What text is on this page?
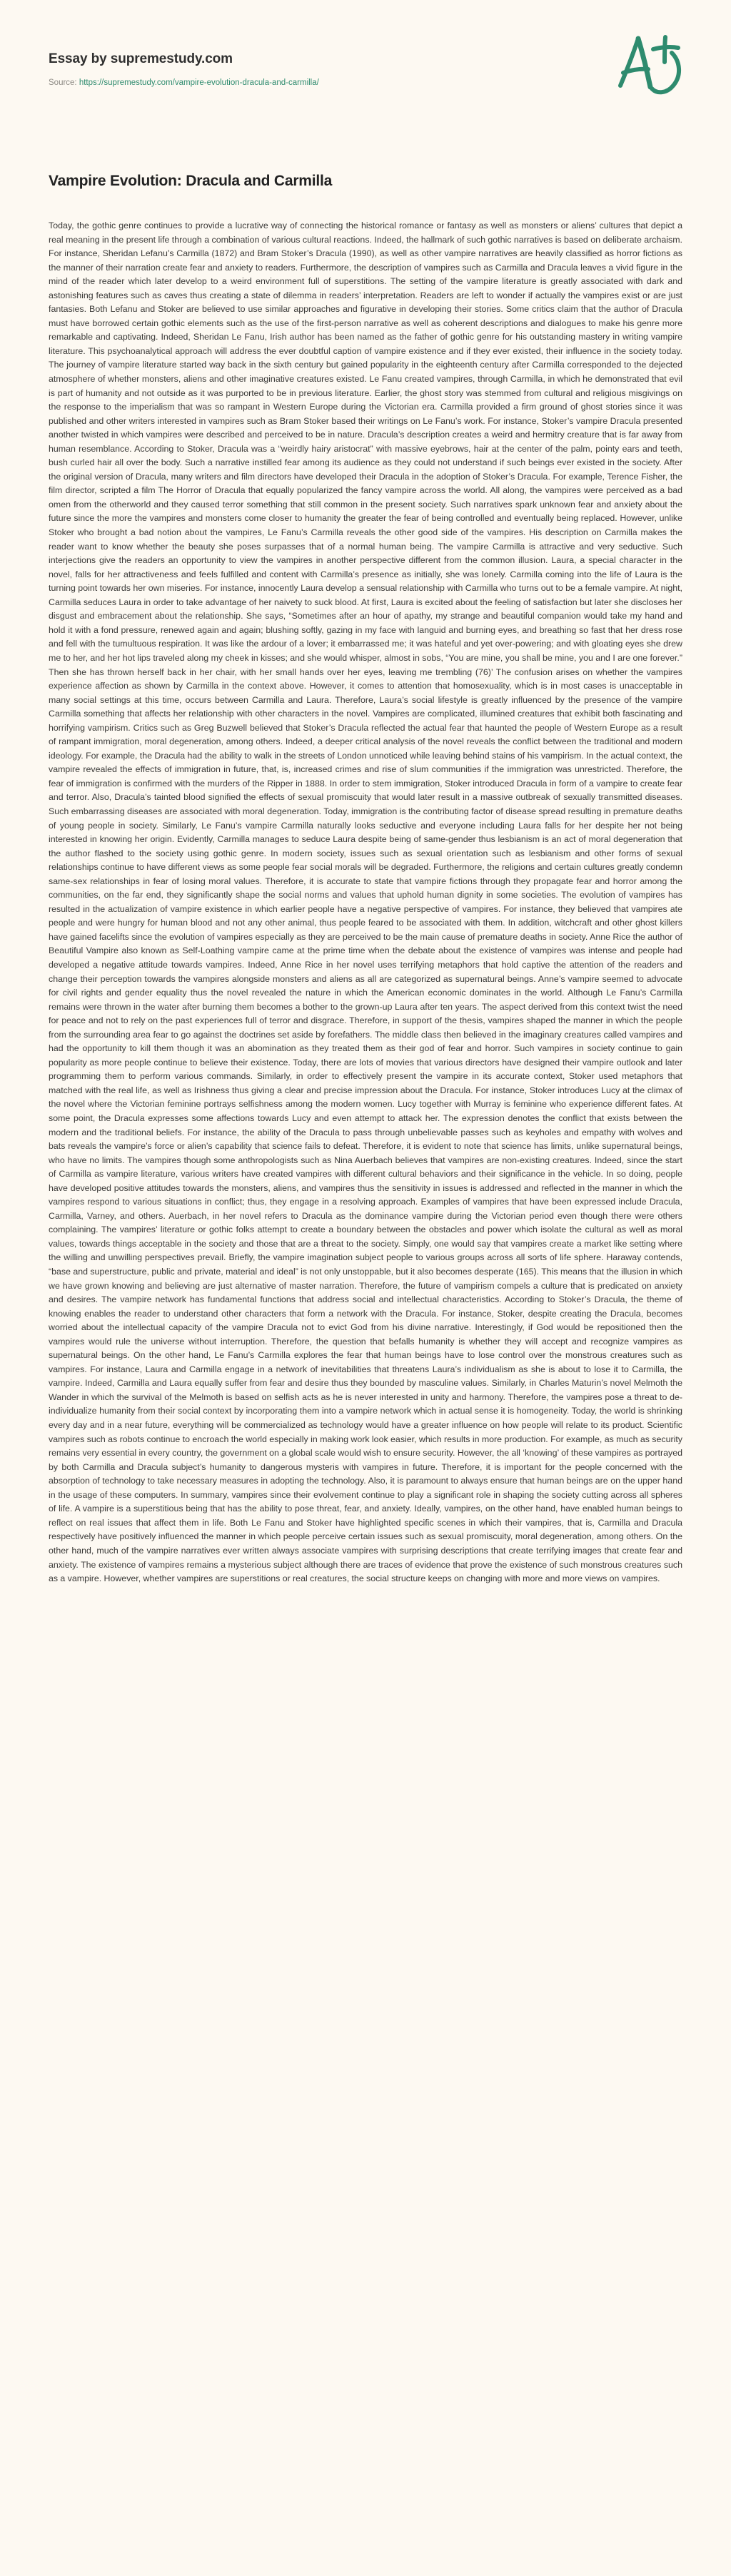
Essay by supremestudy.com
Source: https://supremestudy.com/vampire-evolution-dracula-and-carmilla/
Vampire Evolution: Dracula and Carmilla

Today, the gothic genre continues to provide a lucrative way of connecting the historical romance or fantasy as well as monsters or aliens’ cultures that depict a real meaning in the present life through a combination of various cultural reactions. Indeed, the hallmark of such gothic narratives is based on deliberate archaism. For instance, Sheridan Lefanu’s Carmilla (1872) and Bram Stoker’s Dracula (1990), as well as other vampire narratives are heavily classified as horror fictions as the manner of their narration create fear and anxiety to readers. Furthermore, the description of vampires such as Carmilla and Dracula leaves a vivid figure in the mind of the reader which later develop to a weird environment full of superstitions. The setting of the vampire literature is greatly associated with dark and astonishing features such as caves thus creating a state of dilemma in readers’ interpretation. Readers are left to wonder if actually the vampires exist or are just fantasies. Both Lefanu and Stoker are believed to use similar approaches and figurative in developing their stories. Some critics claim that the author of Dracula must have borrowed certain gothic elements such as the use of the first-person narrative as well as coherent descriptions and dialogues to make his genre more remarkable and captivating. Indeed, Sheridan Le Fanu, Irish author has been named as the father of gothic genre for his outstanding mastery in writing vampire literature. This psychoanalytical approach will address the ever doubtful caption of vampire existence and if they ever existed, their influence in the society today. The journey of vampire literature started way back in the sixth century but gained popularity in the eighteenth century after Carmilla corresponded to the dejected atmosphere of whether monsters, aliens and other imaginative creatures existed. Le Fanu created vampires, through Carmilla, in which he demonstrated that evil is part of humanity and not outside as it was purported to be in previous literature. Earlier, the ghost story was stemmed from cultural and religious misgivings on the response to the imperialism that was so rampant in Western Europe during the Victorian era. Carmilla provided a firm ground of ghost stories since it was published and other writers interested in vampires such as Bram Stoker based their writings on Le Fanu’s work. For instance, Stoker’s vampire Dracula presented another twisted in which vampires were described and perceived to be in nature. Dracula’s description creates a weird and hermitry creature that is far away from human resemblance. According to Stoker, Dracula was a “weirdly hairy aristocrat” with massive eyebrows, hair at the center of the palm, pointy ears and teeth, bush curled hair all over the body. Such a narrative instilled fear among its audience as they could not understand if such beings ever existed in the society. After the original version of Dracula, many writers and film directors have developed their Dracula in the adoption of Stoker’s Dracula. For example, Terence Fisher, the film director, scripted a film The Horror of Dracula that equally popularized the fancy vampire across the world. All along, the vampires were perceived as a bad omen from the otherworld and they caused terror something that still common in the present society. Such narratives spark unknown fear and anxiety about the future since the more the vampires and monsters come closer to humanity the greater the fear of being controlled and eventually being replaced. However, unlike Stoker who brought a bad notion about the vampires, Le Fanu’s Carmilla reveals the other good side of the vampires. His description on Carmilla makes the reader want to know whether the beauty she poses surpasses that of a normal human being. The vampire Carmilla is attractive and very seductive. Such interjections give the readers an opportunity to view the vampires in another perspective different from the common illusion. Laura, a special character in the novel, falls for her attractiveness and feels fulfilled and content with Carmilla’s presence as initially, she was lonely. Carmilla coming into the life of Laura is the turning point towards her own miseries. For instance, innocently Laura develop a sensual relationship with Carmilla who turns out to be a female vampire. At night, Carmilla seduces Laura in order to take advantage of her naivety to suck blood. At first, Laura is excited about the feeling of satisfaction but later she discloses her disgust and embracement about the relationship. She says, “Sometimes after an hour of apathy, my strange and beautiful companion would take my hand and hold it with a fond pressure, renewed again and again; blushing softly, gazing in my face with languid and burning eyes, and breathing so fast that her dress rose and fell with the tumultuous respiration. It was like the ardour of a lover; it embarrassed me; it was hateful and yet over-powering; and with gloating eyes she drew me to her, and her hot lips traveled along my cheek in kisses; and she would whisper, almost in sobs, “You are mine, you shall be mine, you and I are one forever.” Then she has thrown herself back in her chair, with her small hands over her eyes, leaving me trembling (76)’ The confusion arises on whether the vampires experience affection as shown by Carmilla in the context above. However, it comes to attention that homosexuality, which is in most cases is unacceptable in many social settings at this time, occurs between Carmilla and Laura. Therefore, Laura’s social lifestyle is greatly influenced by the presence of the vampire Carmilla something that affects her relationship with other characters in the novel. Vampires are complicated, illumined creatures that exhibit both fascinating and horrifying vampirism. Critics such as Greg Buzwell believed that Stoker’s Dracula reflected the actual fear that haunted the people of Western Europe as a result of rampant immigration, moral degeneration, among others. Indeed, a deeper critical analysis of the novel reveals the conflict between the traditional and modern ideology. For example, the Dracula had the ability to walk in the streets of London unnoticed while leaving behind stains of his vampirism. In the actual context, the vampire revealed the effects of immigration in future, that, is, increased crimes and rise of slum communities if the immigration was unrestricted. Therefore, the fear of immigration is confirmed with the murders of the Ripper in 1888. In order to stem immigration, Stoker introduced Dracula in form of a vampire to create fear and terror. Also, Dracula’s tainted blood signified the effects of sexual promiscuity that would later result in a massive outbreak of sexually transmitted diseases. Such embarrassing diseases are associated with moral degeneration. Today, immigration is the contributing factor of disease spread resulting in premature deaths of young people in society. Similarly, Le Fanu’s vampire Carmilla naturally looks seductive and everyone including Laura falls for her despite her not being interested in knowing her origin. Evidently, Carmilla manages to seduce Laura despite being of same-gender thus lesbianism is an act of moral degeneration that the author flashed to the society using gothic genre. In modern society, issues such as sexual orientation such as lesbianism and other forms of sexual relationships continue to have different views as some people fear social morals will be degraded. Furthermore, the religions and certain cultures greatly condemn same-sex relationships in fear of losing moral values. Therefore, it is accurate to state that vampire fictions through they propagate fear and horror among the communities, on the far end, they significantly shape the social norms and values that uphold human dignity in some societies. The evolution of vampires has resulted in the actualization of vampire existence in which earlier people have a negative perspective of vampires. For instance, they believed that vampires ate people and were hungry for human blood and not any other animal, thus people feared to be associated with them. In addition, witchcraft and other ghost killers have gained facelifts since the evolution of vampires especially as they are perceived to be the main cause of premature deaths in society. Anne Rice the author of Beautiful Vampire also known as Self-Loathing vampire came at the prime time when the debate about the existence of vampires was intense and people had developed a negative attitude towards vampires. Indeed, Anne Rice in her novel uses terrifying metaphors that hold captive the attention of the readers and change their perception towards the vampires alongside monsters and aliens as all are categorized as supernatural beings. Anne’s vampire seemed to advocate for civil rights and gender equality thus the novel revealed the nature in which the American economic dominates in the world. Although Le Fanu’s Carmilla remains were thrown in the water after burning them becomes a bother to the grown-up Laura after ten years. The aspect derived from this context twist the need for peace and not to rely on the past experiences full of terror and disgrace. Therefore, in support of the thesis, vampires shaped the manner in which the people from the surrounding area fear to go against the doctrines set aside by forefathers. The middle class then believed in the imaginary creatures called vampires and had the opportunity to kill them though it was an abomination as they treated them as their god of fear and horror. Such vampires in society continue to gain popularity as more people continue to believe their existence. Today, there are lots of movies that various directors have designed their vampire outlook and later programming them to perform various commands. Similarly, in order to effectively present the vampire in its accurate context, Stoker used metaphors that matched with the real life, as well as Irishness thus giving a clear and precise impression about the Dracula. For instance, Stoker introduces Lucy at the climax of the novel where the Victorian feminine portrays selfishness among the modern women. Lucy together with Murray is feminine who experience different fates. At some point, the Dracula expresses some affections towards Lucy and even attempt to attack her. The expression denotes the conflict that exists between the modern and the traditional beliefs. For instance, the ability of the Dracula to pass through unbelievable passes such as keyholes and empathy with wolves and bats reveals the vampire’s force or alien’s capability that science fails to defeat. Therefore, it is evident to note that science has limits, unlike supernatural beings, who have no limits. The vampires though some anthropologists such as Nina Auerbach believes that vampires are non-existing creatures. Indeed, since the start of Carmilla as vampire literature, various writers have created vampires with different cultural behaviors and their significance in the vehicle. In so doing, people have developed positive attitudes towards the monsters, aliens, and vampires thus the sensitivity in issues is addressed and reflected in the manner in which the vampires respond to various situations in conflict; thus, they engage in a resolving approach. Examples of vampires that have been expressed include Dracula, Carmilla, Varney, and others. Auerbach, in her novel refers to Dracula as the dominance vampire during the Victorian period even though there were others complaining. The vampires’ literature or gothic folks attempt to create a boundary between the obstacles and power which isolate the cultural as well as moral values, towards things acceptable in the society and those that are a threat to the society. Simply, one would say that vampires create a market like setting where the willing and unwilling perspectives prevail. Briefly, the vampire imagination subject people to various groups across all sorts of life sphere. Haraway contends, “base and superstructure, public and private, material and ideal” is not only unstoppable, but it also becomes desperate (165). This means that the illusion in which we have grown knowing and believing are just alternative of master narration. Therefore, the future of vampirism compels a culture that is predicated on anxiety and desires. The vampire network has fundamental functions that address social and intellectual characteristics. According to Stoker’s Dracula, the theme of knowing enables the reader to understand other characters that form a network with the Dracula. For instance, Stoker, despite creating the Dracula, becomes worried about the intellectual capacity of the vampire Dracula not to evict God from his divine narrative. Interestingly, if God would be repositioned then the vampires would rule the universe without interruption. Therefore, the question that befalls humanity is whether they will accept and recognize vampires as supernatural beings. On the other hand, Le Fanu’s Carmilla explores the fear that human beings have to lose control over the monstrous creatures such as vampires. For instance, Laura and Carmilla engage in a network of inevitabilities that threatens Laura’s individualism as she is about to lose it to Carmilla, the vampire. Indeed, Carmilla and Laura equally suffer from fear and desire thus they bounded by masculine values. Similarly, in Charles Maturin’s novel Melmoth the Wander in which the survival of the Melmoth is based on selfish acts as he is never interested in unity and harmony. Therefore, the vampires pose a threat to de-individualize humanity from their social context by incorporating them into a vampire network which in actual sense it is homogeneity. Today, the world is shrinking every day and in a near future, everything will be commercialized as technology would have a greater influence on how people will relate to its product. Scientific vampires such as robots continue to encroach the world especially in making work look easier, which results in more production. For example, as much as security remains very essential in every country, the government on a global scale would wish to ensure security. However, the all ‘knowing’ of these vampires as portrayed by both Carmilla and Dracula subject’s humanity to dangerous mysteris with vampires in future. Therefore, it is important for the people concerned with the absorption of technology to take necessary measures in adopting the technology. Also, it is paramount to always ensure that human beings are on the upper hand in the usage of these computers. In summary, vampires since their evolvement continue to play a significant role in shaping the society cutting across all spheres of life. A vampire is a superstitious being that has the ability to pose threat, fear, and anxiety. Ideally, vampires, on the other hand, have enabled human beings to reflect on real issues that affect them in life. Both Le Fanu and Stoker have highlighted specific scenes in which their vampires, that is, Carmilla and Dracula respectively have positively influenced the manner in which people perceive certain issues such as sexual promiscuity, moral degeneration, among others. On the other hand, much of the vampire narratives ever written always associate vampires with surprising descriptions that create terrifying images that create fear and anxiety. The existence of vampires remains a mysterious subject although there are traces of evidence that prove the existence of such monstrous creatures such as a vampire. However, whether vampires are superstitions or real creatures, the social structure keeps on changing with more and more views on vampires.
